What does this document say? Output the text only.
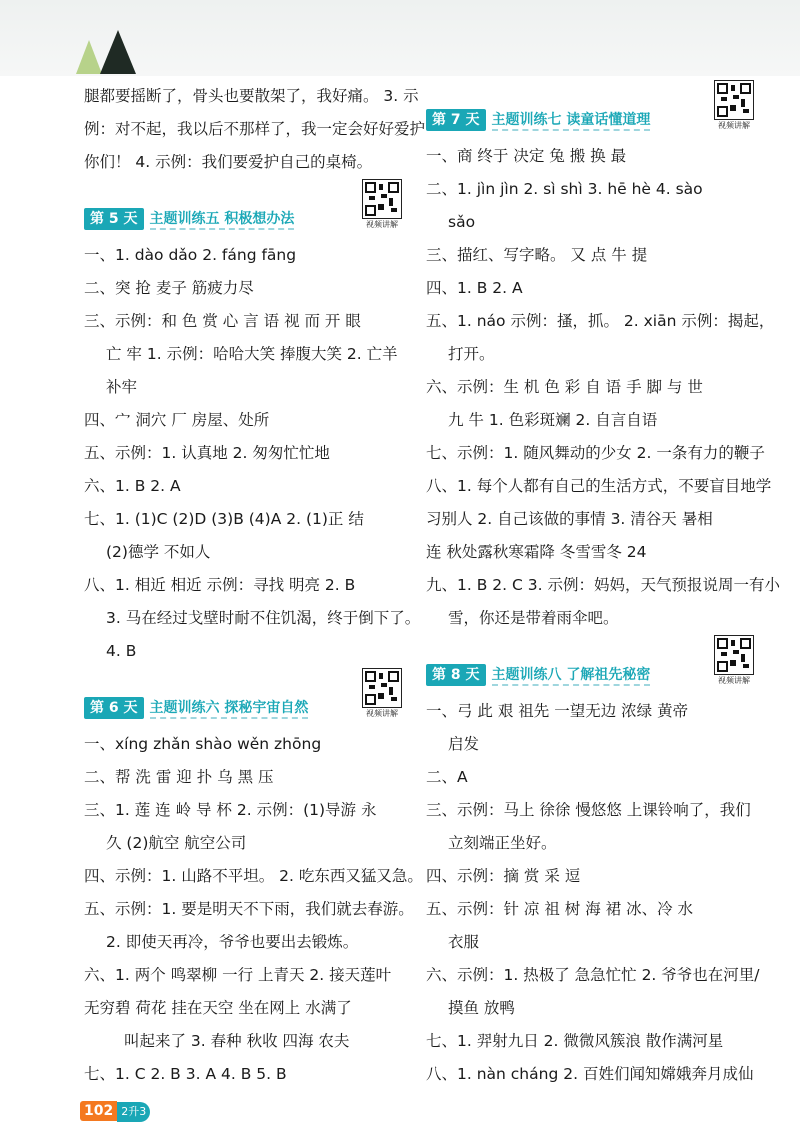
腿都要摇断了，骨头也要散架了，我好痛。 3. 示
例：对不起，我以后不那样了，我一定会好好爱护
你们！ 4. 示例：我们要爱护自己的桌椅。
第 5 天 主题训练五 积极想办法	视频讲解
一、1. dào dǎo 2. fáng fāng
二、突 抢 麦子 筋疲力尽
三、示例：和 色 赏 心 言 语 视 而 开 眼
亡 牢 1. 示例：哈哈大笑 捧腹大笑 2. 亡羊
补牢
四、宀 洞穴 厂 房屋、处所
五、示例：1. 认真地 2. 匆匆忙忙地
六、1. B 2. A
七、1. (1)C (2)D (3)B (4)A 2. (1)正 结
(2)德学 不如人
八、1. 相近 相近 示例：寻找 明亮 2. B
3. 马在经过戈壁时耐不住饥渴，终于倒下了。
4. B
第 6 天 主题训练六 探秘宇宙自然	视频讲解
一、xíng zhǎn shào wěn zhōng
二、帮 洗 雷 迎 扑 乌 黑 压
三、1. 莲 连 岭 导 杯 2. 示例：(1)导游 永
久 (2)航空 航空公司
四、示例：1. 山路不平坦。 2. 吃东西又猛又急。
五、示例：1. 要是明天不下雨，我们就去春游。
2. 即使天再冷，爷爷也要出去锻炼。
六、1. 两个 鸣翠柳 一行 上青天 2. 接天莲叶
无穷碧 荷花 挂在天空 坐在网上 水满了
叫起来了 3. 春种 秋收 四海 农夫
七、1. C 2. B 3. A 4. B 5. B
第 7 天 主题训练七 读童话懂道理	视频讲解
一、商 终于 决定 兔 搬 换 最
二、1. jìn jìn 2. sì shì 3. hē hè 4. sào
sǎo
三、描红、写字略。 又 点 牛 提
四、1. B 2. A
五、1. náo 示例：搔，抓。 2. xiān 示例：揭起，
打开。
六、示例：生 机 色 彩 自 语 手 脚 与 世
九 牛 1. 色彩斑斓 2. 自言自语
七、示例：1. 随风舞动的少女 2. 一条有力的鞭子
八、1. 每个人都有自己的生活方式，不要盲目地学
习别人 2. 自己该做的事情 3. 清谷天 暑相
连 秋处露秋寒霜降 冬雪雪冬 24
九、1. B 2. C 3. 示例：妈妈，天气预报说周一有小
雪，你还是带着雨伞吧。
第 8 天 主题训练八 了解祖先秘密	视频讲解
一、弓 此 艰 祖先 一望无边 浓绿 黄帝
启发
二、A
三、示例：马上 徐徐 慢悠悠 上课铃响了，我们
立刻端正坐好。
四、示例：摘 赏 采 逗
五、示例：针 凉 祖 树 海 裙 冰、冷 水
衣服
六、示例：1. 热极了 急急忙忙 2. 爷爷也在河里/
摸鱼 放鸭
七、1. 羿射九日 2. 微微风簇浪 散作满河星
八、1. nàn cháng 2. 百姓们闻知嫦娥奔月成仙
102 2升3
